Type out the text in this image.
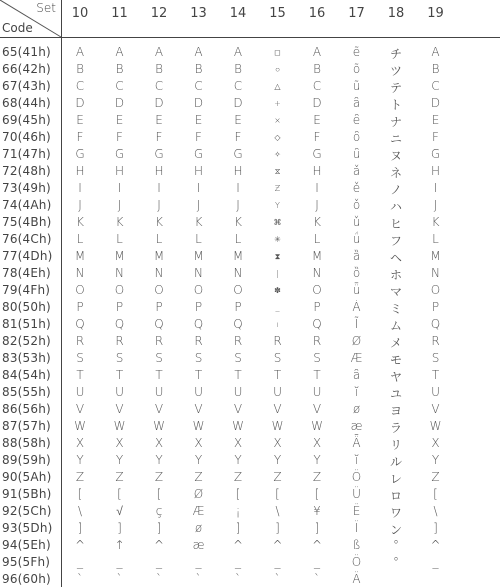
Set
Code
10	11	12	13	14	15	16	17	18	19
65(41h)	A	A	A	A	A	◻	A	ẽ	チ	A
66(42h)	B	B	B	B	B	○	B	õ	ツ	B
67(43h)	C	C	C	C	C	△	C	ũ	テ	C
68(44h)	D	D	D	D	D	+	D	ȃ	ト	D
69(45h)	E	E	E	E	E	×	E	ȇ	ナ	E
70(46h)	F	F	F	F	F	◇	F	ȏ	ニ	F
71(47h)	G	G	G	G	G	✧	G	ȗ	ヌ	G
72(48h)	H	H	H	H	H	⧖	H	ǎ	ネ	H
73(49h)	I	I	I	I	I	Ƶ	I	ě	ノ	I
74(4Ah)	J	J	J	J	J	Y	J	ǒ	ハ	J
75(4Bh)	K	K	K	K	K	⌘	K	ǔ	ヒ	K
76(4Ch)	L	L	L	L	L	✳	L	ǘ	フ	L
77(4Dh)	M	M	M	M	M	⧗	M	ȁ	ヘ	M
78(4Eh)	N	N	N	N	N	|	N	ȍ	ホ	N
79(4Fh)	O	O	O	O	O	✽	O	ǖ	マ	O
80(50h)	P	P	P	P	P	_	P	Ȧ	ミ	P
81(51h)	Q	Q	Q	Q	Q	ı	Q	Ĩ	ム	Q
82(52h)	R	R	R	R	R	R	R	Ø	メ	R
83(53h)	S	S	S	S	S	S	S	Æ	モ	S
84(54h)	T	T	T	T	T	T	T	ȃ	ヤ	T
85(55h)	U	U	U	U	U	U	U	ĭ	ユ	U
86(56h)	V	V	V	V	V	V	V	ø	ヨ	V
87(57h)	W	W	W	W	W	W	W	æ	ラ	W
88(58h)	X	X	X	X	X	X	X	Ǟ	リ	X
89(59h)	Y	Y	Y	Y	Y	Y	Y	ĭ	ル	Y
90(5Ah)	Z	Z	Z	Z	Z	Z	Z	Ö	レ	Z
91(5Bh)	[	[	[	Ø	[	[	[	Ü	ロ	[
92(5Ch)	\	√	ç	Æ	¡	\	¥	Ë	ワ	\
93(5Dh)	]	]	]	ø	]	]	]	Ï	ン	]
94(5Eh)	^	↑	^	æ	^	^	^	ß	°	^
95(5Fh)	_	_	_	_	_	_	_	Ö	°	_
96(60h)	`	`	`	`	`	`	`	Ä
